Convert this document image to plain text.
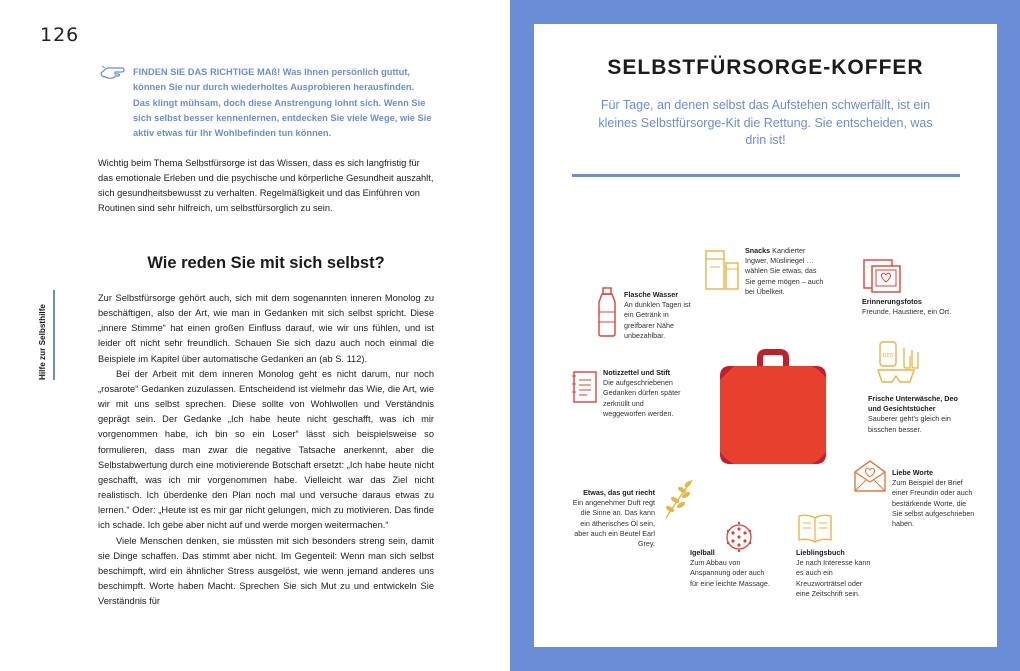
126
FINDEN SIE DAS RICHTIGE MAß! Was Ihnen persönlich guttut, können Sie nur durch wiederholtes Ausprobieren herausfinden. Das klingt mühsam, doch diese Anstrengung lohnt sich. Wenn Sie sich selbst besser kennenlernen, entdecken Sie viele Wege, wie Sie aktiv etwas für Ihr Wohlbefinden tun können.
Wichtig beim Thema Selbstfürsorge ist das Wissen, dass es sich langfristig für das emotionale Erleben und die psychische und körperliche Gesundheit auszahlt, sich gesundheitsbewusst zu verhalten. Regelmäßigkeit und das Einführen von Routinen sind sehr hilfreich, um selbstfürsorglich zu sein.
Wie reden Sie mit sich selbst?
Hilfe zur Selbsthilfe

Zur Selbstfürsorge gehört auch, sich mit dem sogenannten inneren Monolog zu beschäftigen, also der Art, wie man in Gedanken mit sich selbst spricht. Diese „innere Stimme“ hat einen großen Einfluss darauf, wie wir uns fühlen, und ist leider oft nicht sehr freundlich. Schauen Sie sich dazu auch noch einmal die Beispiele im Kapitel über automatische Gedanken an (ab S. 112).

Bei der Arbeit mit dem inneren Monolog geht es nicht darum, nur noch „rosarote“ Gedanken zuzulassen. Entscheidend ist vielmehr das Wie, die Art, wie wir mit uns selbst sprechen. Diese sollte von Wohlwollen und Verständnis geprägt sein. Der Gedanke „Ich habe heute nicht geschafft, was ich mir vorgenommen habe, ich bin so ein Loser“ lässt sich beispielsweise so formulieren, dass man zwar die negative Tatsache anerkennt, aber die Selbstabwertung durch eine motivierende Botschaft ersetzt: „Ich habe heute nicht geschafft, was ich mir vorgenommen habe. Vielleicht war das Ziel nicht realistisch. Ich überdenke den Plan noch mal und versuche daraus etwas zu lernen.“ Oder: „Heute ist es mir gar nicht gelungen, mich zu motivieren. Das finde ich schade. Ich gebe aber nicht auf und werde morgen weitermachen.“

Viele Menschen denken, sie müssten mit sich besonders streng sein, damit sie Dinge schaffen. Das stimmt aber nicht. Im Gegenteil: Wenn man sich selbst beschimpft, wird ein ähnlicher Stress ausgelöst, wie wenn jemand anderes uns beschimpft. Worte haben Macht. Sprechen Sie sich Mut zu und entwickeln Sie Verständnis für

SELBSTFÜRSORGE-KOFFER
Für Tage, an denen selbst das Aufstehen schwerfällt, ist ein kleines Selbstfürsorge-Kit die Rettung. Sie entscheiden, was drin ist!
Snacks Kandierter Ingwer, Müsliriegel … wählen Sie etwas, das Sie gerne mögen – auch bei Übelkeit.
Flasche Wasser
An dunklen Tagen ist ein Getränk in greifbarer Nähe unbezahlbar.
Erinnerungsfotos
Freunde, Haustiere, ein Ort.
Notizzettel und Stift
Die aufgeschriebenen Gedanken dürfen später zerknüllt und weggeworfen werden.
DEO
Frische Unterwäsche, Deo und Gesichtstücher
Sauberer geht's gleich ein bisschen besser.
Etwas, das gut riecht
Ein angenehmer Duft regt die Sinne an. Das kann ein ätherisches Öl sein, aber auch ein Beutel Earl Grey.
Liebe Worte
Zum Beispiel der Brief einer Freundin oder auch bestärkende Worte, die Sie selbst aufgeschrieben haben.
Igelball
Zum Abbau von Anspannung oder auch für eine leichte Massage.
Lieblingsbuch
Je nach Interesse kann es auch ein Kreuzworträtsel oder eine Zeitschrift sein.
